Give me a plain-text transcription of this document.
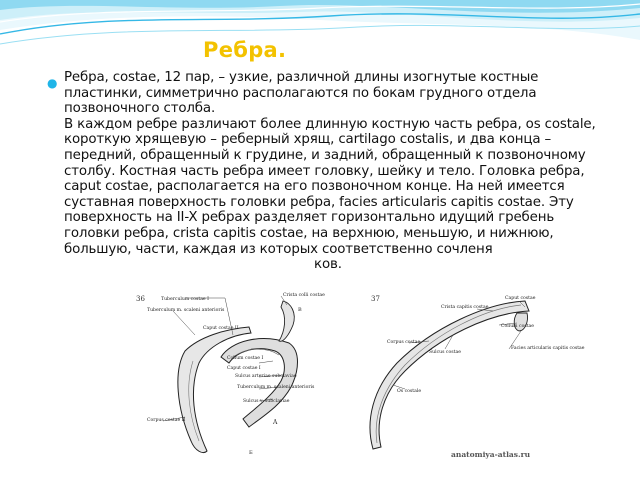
Ребра.
● Ребра, costae, 12 пар, – узкие, различной длины изогнутые костные пластинки, симметрично располагаются по бокам грудного отдела позвоночного столба.

В каждом ребре различают более длинную костную часть ребра, os costale, короткую хрящевую – реберный хрящ, cartilago costalis, и два конца – передний, обращенный к грудине, и задний, обращенный к позвоночному столбу. Костная часть ребра имеет головку, шейку и тело. Головка ребра, caput costae, располагается на его позвоночном конце. На ней имеется суставная поверхность головки ребра, facies articularis capitis costae. Эту поверхность на II-X ребрах разделяет горизонтально идущий гребень головки ребра, crista capitis costae, на верхнюю, меньшую, и нижнюю, большую, части, каждая из которых соответственно сочленяков.

36	Tuberculum costae I
Crista colli costae
B
Tuberculum m. scaleni anterioris
Caput costae II
Collum costae I
Caput costae I
Sulcus arteriae subclaviae
Tuberculum m. scaleni anterioris
Sulcus v. subclaviae
Corpus costae II	A
Б
37	Caput costae
Crista capitis costae
Collum costae
Corpus costae
Facies articularis capitis costae
Sulcus costae
Os costale
anatomiya-atlas.ru
